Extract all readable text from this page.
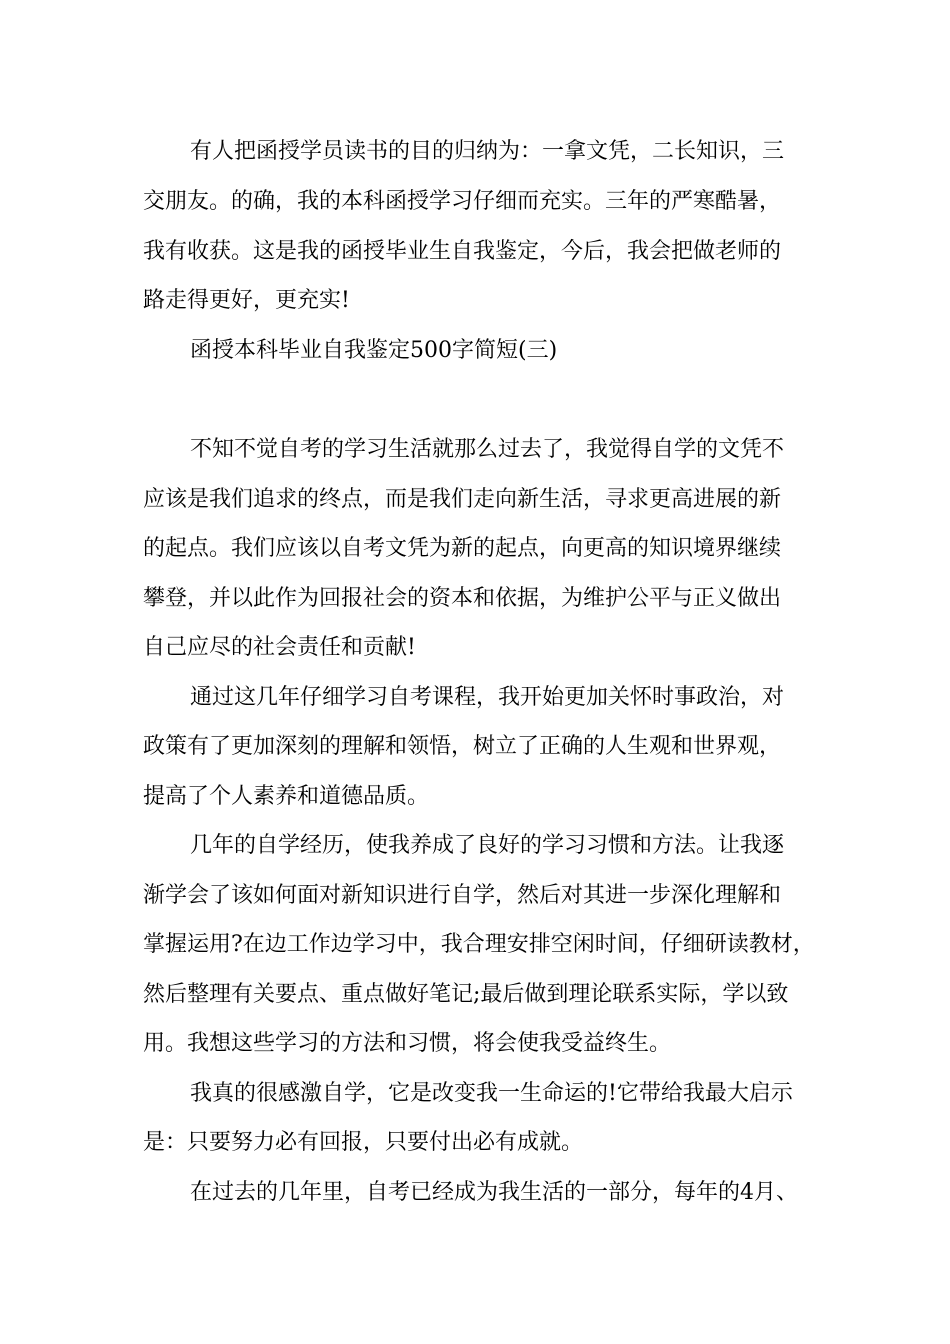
有人把函授学员读书的目的归纳为：一拿文凭，二长知识，三
交朋友。的确，我的本科函授学习仔细而充实。三年的严寒酷暑，
我有收获。这是我的函授毕业生自我鉴定，今后，我会把做老师的
路走得更好，更充实!
函授本科毕业自我鉴定500字简短(三)
不知不觉自考的学习生活就那么过去了，我觉得自学的文凭不
应该是我们追求的终点，而是我们走向新生活，寻求更高进展的新
的起点。我们应该以自考文凭为新的起点，向更高的知识境界继续
攀登，并以此作为回报社会的资本和依据，为维护公平与正义做出
自己应尽的社会责任和贡献!
通过这几年仔细学习自考课程，我开始更加关怀时事政治，对
政策有了更加深刻的理解和领悟，树立了正确的人生观和世界观，
提高了个人素养和道德品质。
几年的自学经历，使我养成了良好的学习习惯和方法。让我逐
渐学会了该如何面对新知识进行自学，然后对其进一步深化理解和
掌握运用?在边工作边学习中，我合理安排空闲时间，仔细研读教材，
然后整理有关要点、重点做好笔记;最后做到理论联系实际，学以致
用。我想这些学习的方法和习惯，将会使我受益终生。
我真的很感激自学，它是改变我一生命运的!它带给我最大启示
是：只要努力必有回报，只要付出必有成就。
在过去的几年里，自考已经成为我生活的一部分，每年的4月、
